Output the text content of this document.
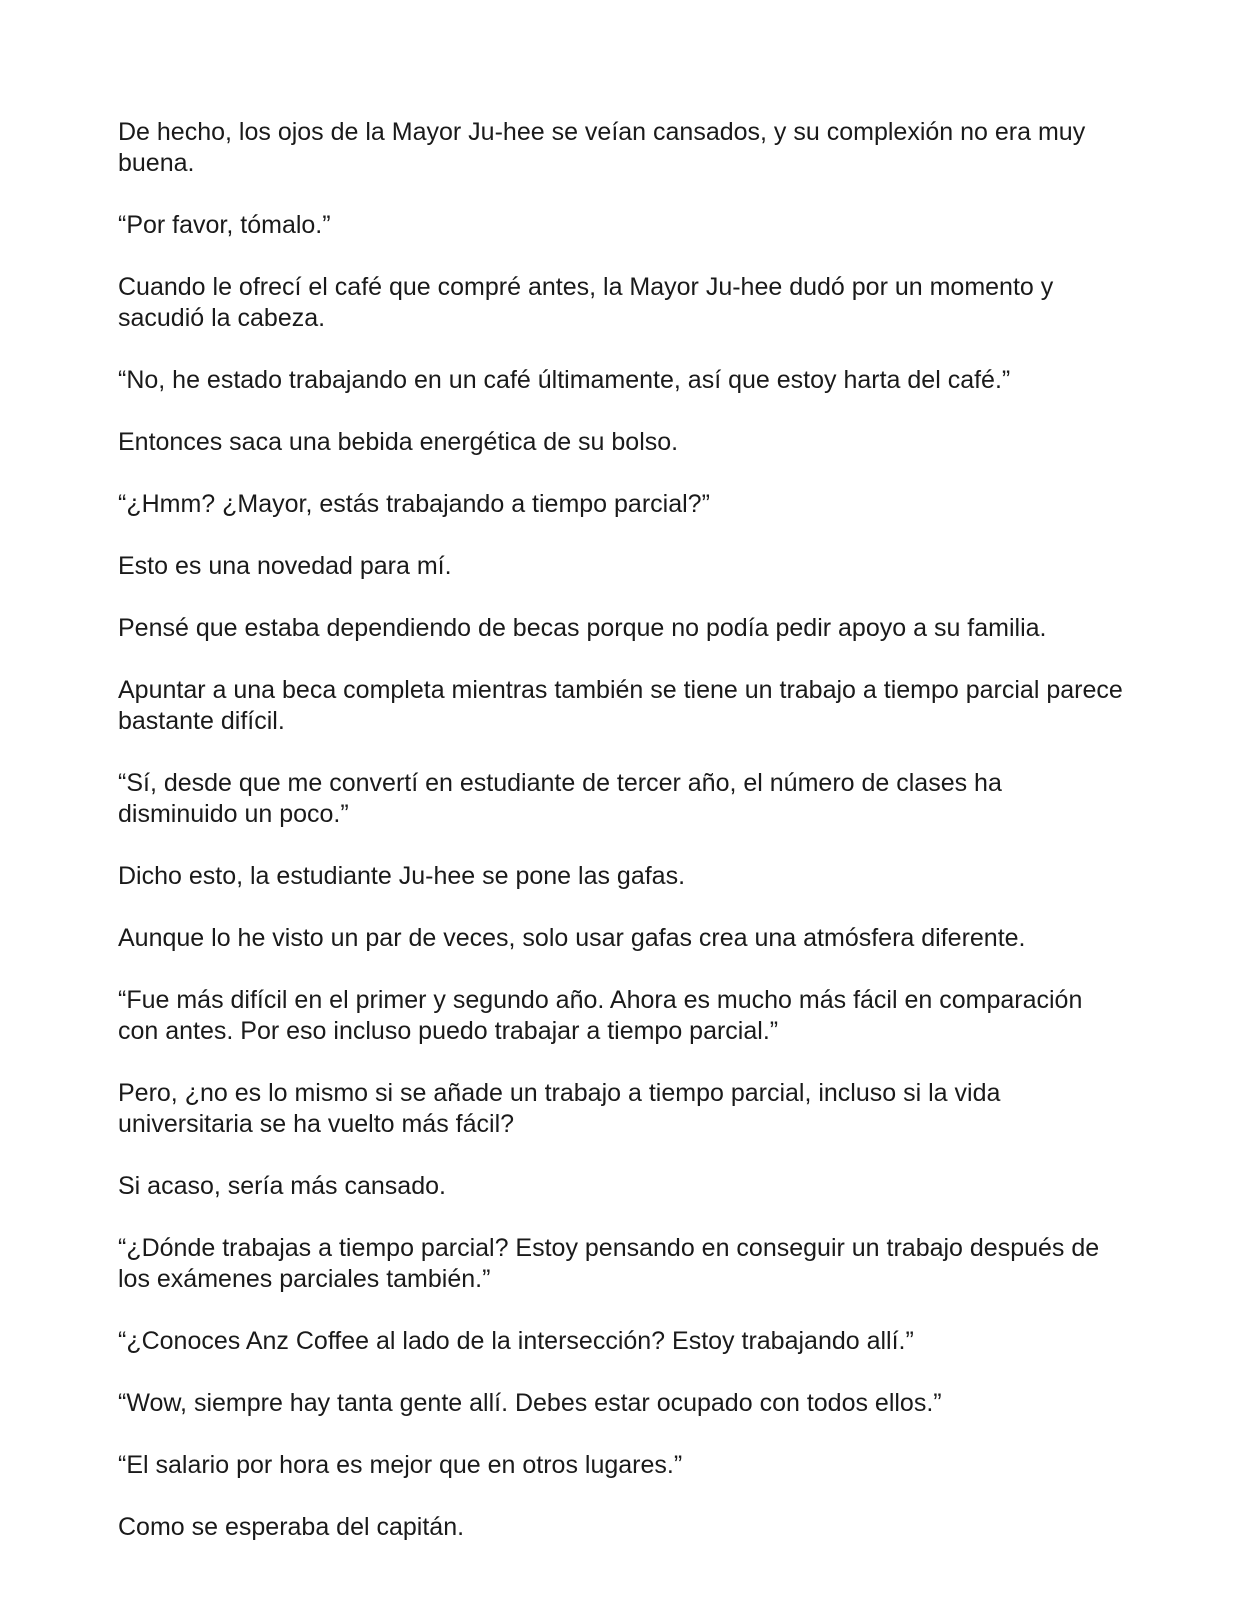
De hecho, los ojos de la Mayor Ju-hee se veían cansados, y su complexión no era muy buena.

“Por favor, tómalo.”

Cuando le ofrecí el café que compré antes, la Mayor Ju-hee dudó por un momento y sacudió la cabeza.

“No, he estado trabajando en un café últimamente, así que estoy harta del café.”

Entonces saca una bebida energética de su bolso.

“¿Hmm? ¿Mayor, estás trabajando a tiempo parcial?”

Esto es una novedad para mí.

Pensé que estaba dependiendo de becas porque no podía pedir apoyo a su familia.

Apuntar a una beca completa mientras también se tiene un trabajo a tiempo parcial parece bastante difícil.

“Sí, desde que me convertí en estudiante de tercer año, el número de clases ha disminuido un poco.”

Dicho esto, la estudiante Ju-hee se pone las gafas.

Aunque lo he visto un par de veces, solo usar gafas crea una atmósfera diferente.

“Fue más difícil en el primer y segundo año. Ahora es mucho más fácil en comparación con antes. Por eso incluso puedo trabajar a tiempo parcial.”

Pero, ¿no es lo mismo si se añade un trabajo a tiempo parcial, incluso si la vida universitaria se ha vuelto más fácil?

Si acaso, sería más cansado.

“¿Dónde trabajas a tiempo parcial? Estoy pensando en conseguir un trabajo después de los exámenes parciales también.”

“¿Conoces Anz Coffee al lado de la intersección? Estoy trabajando allí.”

“Wow, siempre hay tanta gente allí. Debes estar ocupado con todos ellos.”

“El salario por hora es mejor que en otros lugares.”

Como se esperaba del capitán.
